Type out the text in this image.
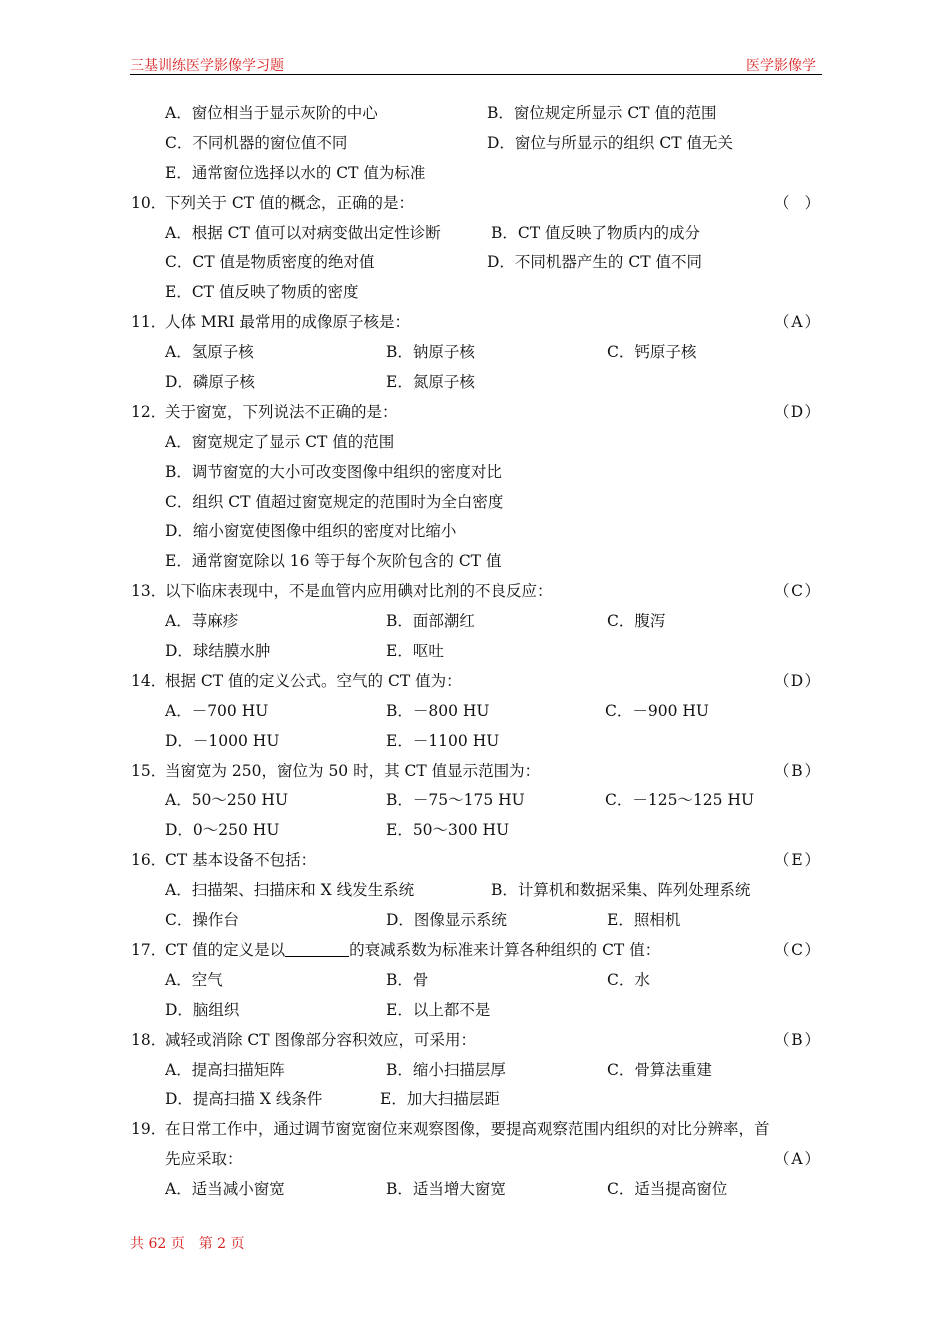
三基训练医学影像学习题	医学影像学
A．窗位相当于显示灰阶的中心	B．窗位规定所显示 CT 值的范围
C．不同机器的窗位值不同	D．窗位与所显示的组织 CT 值无关
E．通常窗位选择以水的 CT 值为标准
10．下列关于 CT 值的概念，正确的是：	（ ）
A．根据 CT 值可以对病变做出定性诊断	B．CT 值反映了物质内的成分
C．CT 值是物质密度的绝对值	D．不同机器产生的 CT 值不同
E．CT 值反映了物质的密度
11．人体 MRI 最常用的成像原子核是：	（ A ）
A．氢原子核	B．钠原子核	C．钙原子核
D．磷原子核	E．氮原子核
12．关于窗宽，下列说法不正确的是：	（ D ）
A．窗宽规定了显示 CT 值的范围
B．调节窗宽的大小可改变图像中组织的密度对比
C．组织 CT 值超过窗宽规定的范围时为全白密度
D．缩小窗宽使图像中组织的密度对比缩小
E．通常窗宽除以 16 等于每个灰阶包含的 CT 值
13．以下临床表现中，不是血管内应用碘对比剂的不良反应：	（ C ）
A．荨麻疹	B．面部潮红	C．腹泻
D．球结膜水肿	E．呕吐
14．根据 CT 值的定义公式。空气的 CT 值为：	（ D ）
A．－700 HU	B．－800 HU	C．－900 HU
D．－1000 HU	E．－1100 HU
15．当窗宽为 250，窗位为 50 时，其 CT 值显示范围为：	（ B ）
A．50～250 HU	B．－75～175 HU	C．－125～125 HU
D．0～250 HU	E．50～300 HU
16．CT 基本设备不包括：	（ E ）
A．扫描架、扫描床和 X 线发生系统	B．计算机和数据采集、阵列处理系统
C．操作台	D．图像显示系统	E．照相机
17．CT 值的定义是以	的衰减系数为标准来计算各种组织的 CT 值：	（ C ）
A．空气	B．骨	C．水
D．脑组织	E．以上都不是
18．减轻或消除 CT 图像部分容积效应，可采用：	（ B ）
A．提高扫描矩阵	B．缩小扫描层厚	C．骨算法重建
D．提高扫描 X 线条件	E．加大扫描层距
19．在日常工作中，通过调节窗宽窗位来观察图像，要提高观察范围内组织的对比分辨率，首
先应采取：	（ A ）
A．适当减小窗宽	B．适当增大窗宽	C．适当提高窗位
共 62 页　第 2 页
